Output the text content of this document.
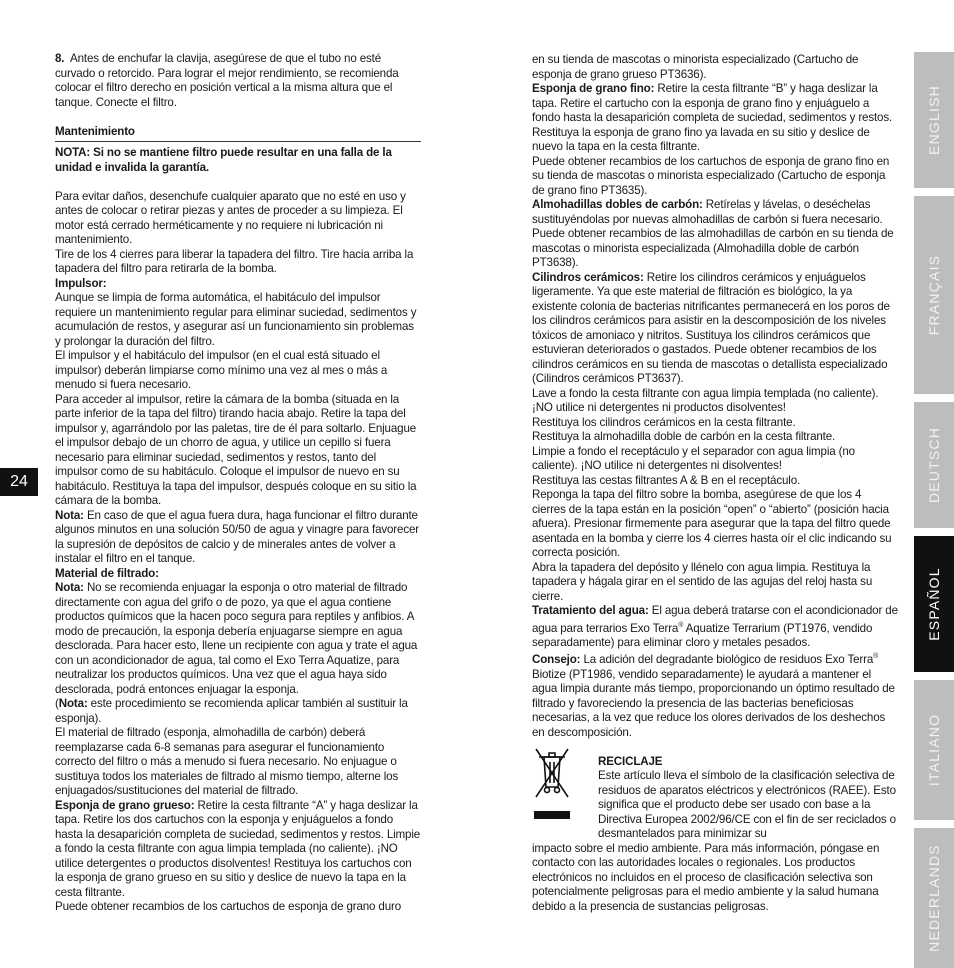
24

8. Antes de enchufar la clavija, asegúrese de que el tubo no esté curvado o retorcido. Para lograr el mejor rendimiento, se recomienda colocar el filtro derecho en posición vertical a la misma altura que el tanque. Conecte el filtro.

Mantenimiento

NOTA: Si no se mantiene filtro puede resultar en una falla de la unidad e invalida la garantía.

Para evitar daños, desenchufe cualquier aparato que no esté en uso y antes de colocar o retirar piezas y antes de proceder a su limpieza. El motor está cerrado herméticamente y no requiere ni lubricación ni mantenimiento.

Tire de los 4 cierres para liberar la tapadera del filtro. Tire hacia arriba la tapadera del filtro para retirarla de la bomba.

Impulsor:

Aunque se limpia de forma automática, el habitáculo del impulsor requiere un mantenimiento regular para eliminar suciedad, sedimentos y acumulación de restos, y asegurar así un funcionamiento sin problemas y prolongar la duración del filtro.

El impulsor y el habitáculo del impulsor (en el cual está situado el impulsor) deberán limpiarse como mínimo una vez al mes o más a menudo si fuera necesario.

Para acceder al impulsor, retire la cámara de la bomba (situada en la parte inferior de la tapa del filtro) tirando hacia abajo. Retire la tapa del impulsor y, agarrándolo por las paletas, tire de él para soltarlo. Enjuague el impulsor debajo de un chorro de agua, y utilice un cepillo si fuera necesario para eliminar suciedad, sedimentos y restos, tanto del impulsor como de su habitáculo. Coloque el impulsor de nuevo en su habitáculo. Restituya la tapa del impulsor, después coloque en su sitio la cámara de la bomba.

Nota: En caso de que el agua fuera dura, haga funcionar el filtro durante algunos minutos en una solución 50/50 de agua y vinagre para favorecer la supresión de depósitos de calcio y de minerales antes de volver a instalar el filtro en el tanque.

Material de filtrado:

Nota: No se recomienda enjuagar la esponja o otro material de filtrado directamente con agua del grifo o de pozo, ya que el agua contiene productos químicos que la hacen poco segura para reptiles y anfibios. A modo de precaución, la esponja debería enjuagarse siempre en agua desclorada. Para hacer esto, llene un recipiente con agua y trate el agua con un acondicionador de agua, tal como el Exo Terra Aquatize, para neutralizar los productos químicos. Una vez que el agua haya sido desclorada, podrá entonces enjuagar la esponja.
(Nota: este procedimiento se recomienda aplicar también al sustituir la esponja).

El material de filtrado (esponja, almohadilla de carbón) deberá reemplazarse cada 6-8 semanas para asegurar el funcionamiento correcto del filtro o más a menudo si fuera necesario. No enjuague o sustituya todos los materiales de filtrado al mismo tiempo, alterne los enjuagados/sustituciones del material de filtrado.

Esponja de grano grueso: Retire la cesta filtrante “A” y haga deslizar la tapa. Retire los dos cartuchos con la esponja y enjuáguelos a fondo hasta la desaparición completa de suciedad, sedimentos y restos. Limpie a fondo la cesta filtrante con agua limpia templada (no caliente). ¡NO utilice detergentes o productos disolventes! Restituya los cartuchos con la esponja de grano grueso en su sitio y deslice de nuevo la tapa en la cesta filtrante.

Puede obtener recambios de los cartuchos de esponja de grano duro

en su tienda de mascotas o minorista especializado (Cartucho de esponja de grano grueso PT3636).

Esponja de grano fino: Retire la cesta filtrante “B” y haga deslizar la tapa. Retire el cartucho con la esponja de grano fino y enjuáguelo a fondo hasta la desaparición completa de suciedad, sedimentos y restos. Restituya la esponja de grano fino ya lavada en su sitio y deslice de nuevo la tapa en la cesta filtrante.

Puede obtener recambios de los cartuchos de esponja de grano fino en su tienda de mascotas o minorista especializado (Cartucho de esponja de grano fino PT3635).

Almohadillas dobles de carbón: Retírelas y lávelas, o deséchelas sustituyéndolas por nuevas almohadillas de carbón si fuera necesario.

Puede obtener recambios de las almohadillas de carbón en su tienda de mascotas o minorista especializada (Almohadilla doble de carbón PT3638).

Cilindros cerámicos: Retire los cilindros cerámicos y enjuáguelos ligeramente. Ya que este material de filtración es biológico, la ya existente colonia de bacterias nitrificantes permanecerá en los poros de los cilindros cerámicos para asistir en la descomposición de los niveles tóxicos de amoniaco y nitritos. Sustituya los cilindros cerámicos que estuvieran deteriorados o gastados. Puede obtener recambios de los cilindros cerámicos en su tienda de mascotas o detallista especializado (Cilindros cerámicos PT3637).

Lave a fondo la cesta filtrante con agua limpia templada (no caliente). ¡NO utilice ni detergentes ni productos disolventes!

Restituya los cilindros cerámicos en la cesta filtrante.

Restituya la almohadilla doble de carbón en la cesta filtrante.

Limpie a fondo el receptáculo y el separador con agua limpia (no caliente). ¡NO utilice ni detergentes ni disolventes!

Restituya las cestas filtrantes A & B en el receptáculo.

Reponga la tapa del filtro sobre la bomba, asegúrese de que los 4 cierres de la tapa están en la posición “open” o “abierto” (posición hacia afuera). Presionar firmemente para asegurar que la tapa del filtro quede asentada en la bomba y cierre los 4 cierres hasta oír el clic indicando su correcta posición.

Abra la tapadera del depósito y llénelo con agua limpia. Restituya la tapadera y hágala girar en el sentido de las agujas del reloj hasta su cierre.

Tratamiento del agua: El agua deberá tratarse con el acondicionador de agua para terrarios Exo Terra® Aquatize Terrarium (PT1976, vendido separadamente) para eliminar cloro y metales pesados.

Consejo: La adición del degradante biológico de residuos Exo Terra® Biotize (PT1986, vendido separadamente) le ayudará a mantener el agua limpia durante más tiempo, proporcionando un óptimo resultado de filtrado y favoreciendo la presencia de las bacterias beneficiosas necesarias, a la vez que reduce los olores derivados de los deshechos en descomposición.

RECICLAJE

Este artículo lleva el símbolo de la clasificación selectiva de residuos de aparatos eléctricos y electrónicos (RAEE). Esto significa que el producto debe ser usado con base a la Directiva Europea 2002/96/CE con el fin de ser reciclados o desmantelados para minimizar su

impacto sobre el medio ambiente. Para más información, póngase en contacto con las autoridades locales o regionales. Los productos electrónicos no incluidos en el proceso de clasificación selectiva son potencialmente peligrosas para el medio ambiente y la salud humana debido a la presencia de sustancias peligrosas.

ENGLISH
FRANÇAIS
DEUTSCH
ESPAÑOL
ITALIANO
NEDERLANDS
